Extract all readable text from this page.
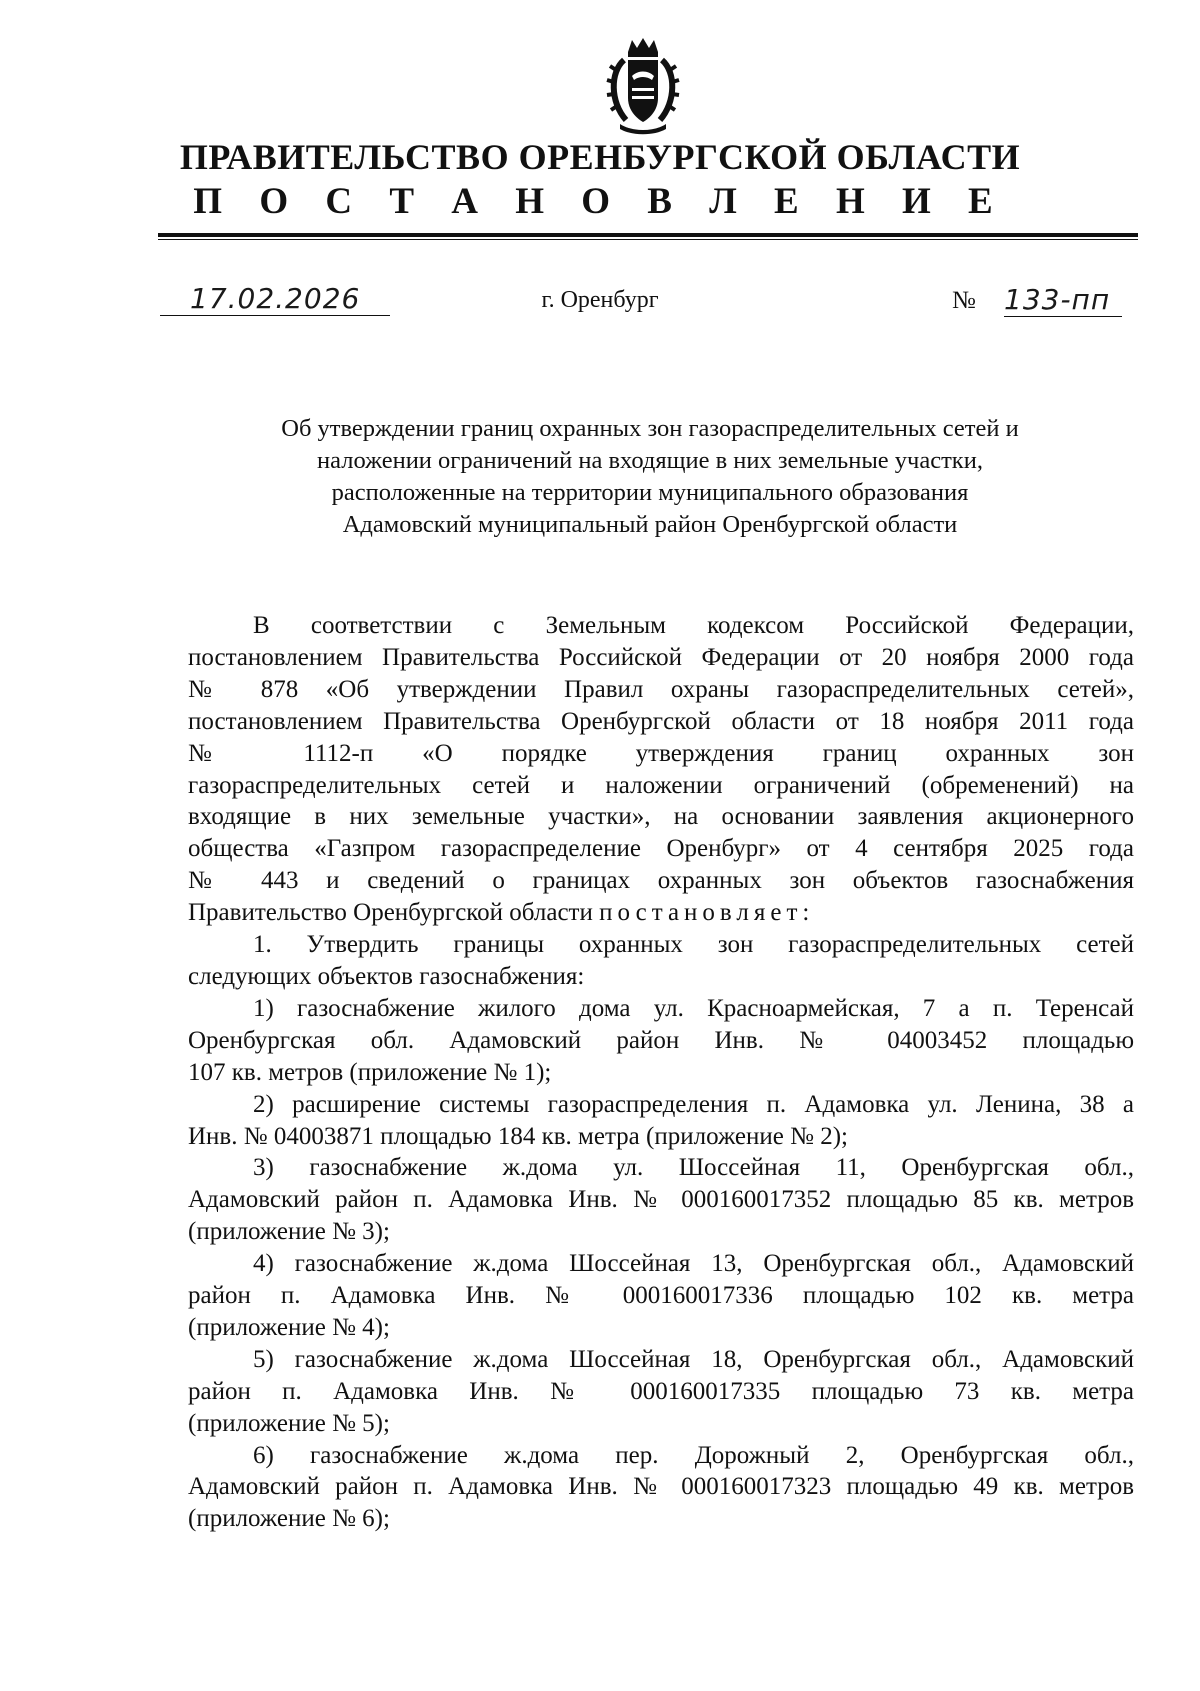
ПРАВИТЕЛЬСТВО ОРЕНБУРГСКОЙ ОБЛАСТИ
П О С Т А Н О В Л Е Н И Е
17.02.2026	г. Оренбург	№ 133-пп
Об утверждении границ охранных зон газораспределительных сетей и
наложении ограничений на входящие в них земельные участки,
расположенные на территории муниципального образования
Адамовский муниципальный район Оренбургской области

В соответствии с Земельным кодексом Российской Федерации,

постановлением Правительства Российской Федерации от 20 ноября 2000 года

№ 878 «Об утверждении Правил охраны газораспределительных сетей»,

постановлением Правительства Оренбургской области от 18 ноября 2011 года

№ 1112-п «О порядке утверждения границ охранных зон

газораспределительных сетей и наложении ограничений (обременений) на

входящие в них земельные участки», на основании заявления акционерного

общества «Газпром газораспределение Оренбург» от 4 сентября 2025 года

№ 443 и сведений о границах охранных зон объектов газоснабжения

Правительство Оренбургской области постановляет:

1. Утвердить границы охранных зон газораспределительных сетей

следующих объектов газоснабжения:

1) газоснабжение жилого дома ул. Красноармейская, 7 а п. Теренсай

Оренбургская обл. Адамовский район Инв. № 04003452 площадью

107 кв. метров (приложение № 1);

2) расширение системы газораспределения п. Адамовка ул. Ленина, 38 а

Инв. № 04003871 площадью 184 кв. метра (приложение № 2);

3) газоснабжение ж.дома ул. Шоссейная 11, Оренбургская обл.,

Адамовский район п. Адамовка Инв. № 000160017352 площадью 85 кв. метров

(приложение № 3);

4) газоснабжение ж.дома Шоссейная 13, Оренбургская обл., Адамовский

район п. Адамовка Инв. № 000160017336 площадью 102 кв. метра

(приложение № 4);

5) газоснабжение ж.дома Шоссейная 18, Оренбургская обл., Адамовский

район п. Адамовка Инв. № 000160017335 площадью 73 кв. метра

(приложение № 5);

6) газоснабжение ж.дома пер. Дорожный 2, Оренбургская обл.,

Адамовский район п. Адамовка Инв. № 000160017323 площадью 49 кв. метров

(приложение № 6);
